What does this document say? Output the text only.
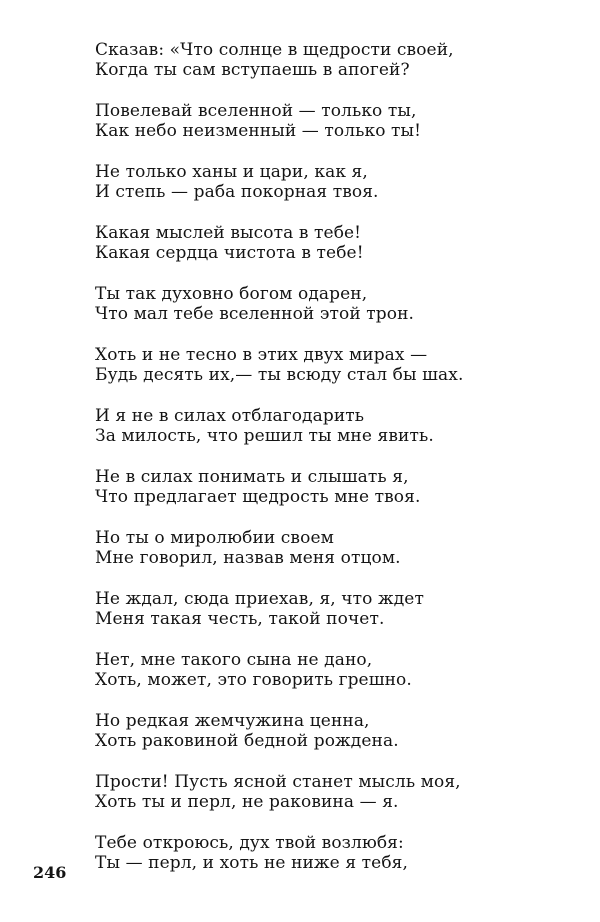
Сказав: «Что солнце в щедрости своей,
Когда ты сам вступаешь в апогей?
Повелевай вселенной — только ты,
Как небо неизменный — только ты!
Не только ханы и цари, как я,
И степь — раба покорная твоя.
Какая мыслей высота в тебе!
Какая сердца чистота в тебе!
Ты так духовно богом одарен,
Что мал тебе вселенной этой трон.
Хоть и не тесно в этих двух мирах —
Будь десять их,— ты всюду стал бы шах.
И я не в силах отблагодарить
За милость, что решил ты мне явить.
Не в силах понимать и слышать я,
Что предлагает щедрость мне твоя.
Но ты о миролюбии своем
Мне говорил, назвав меня отцом.
Не ждал, сюда приехав, я, что ждет
Меня такая честь, такой почет.
Нет, мне такого сына не дано,
Хоть, может, это говорить грешно.
Но редкая жемчужина ценна,
Хоть раковиной бедной рождена.
Прости! Пусть ясной станет мысль моя,
Хоть ты и перл, не раковина — я.
Тебе откроюсь, дух твой возлюбя:
Ты — перл, и хоть не ниже я тебя,
246
